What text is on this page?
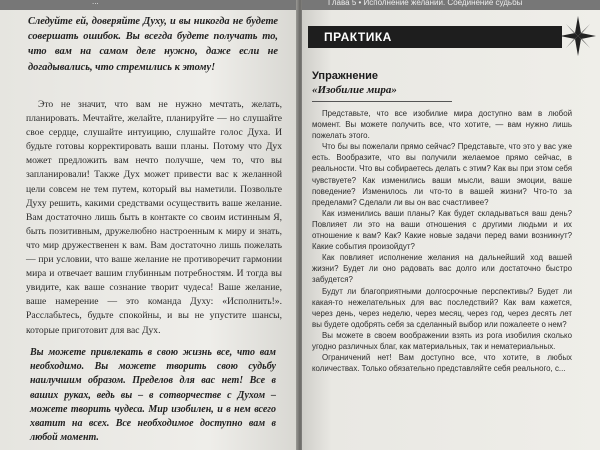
...
Следуйте ей, доверяйте Духу, и вы никогда не будете совершать ошибок. Вы всегда будете получать то, что вам на самом деле нужно, даже если не догадывались, что стремились к этому!
Это не значит, что вам не нужно мечтать, желать, планировать. Мечтайте, желайте, планируйте — но слушайте свое сердце, слушайте интуицию, слушайте голос Духа. И будьте готовы корректировать ваши планы. Потому что Дух может предложить вам нечто получше, чем то, что вы запланировали! Также Дух может привести вас к желанной цели совсем не тем путем, который вы наметили. Позвольте Духу решить, какими средствами осуществить ваше желание. Вам достаточно лишь быть в контакте со своим истинным Я, быть позитивным, дружелюбно настроенным к миру и знать, что мир дружественен к вам. Вам достаточно лишь пожелать — при условии, что ваше желание не противоречит гармонии мира и отвечает вашим глубинным потребностям. И тогда вы увидите, как ваше сознание творит чудеса! Ваше желание, ваше намерение — это команда Духу: «Исполнить!». Расслабьтесь, будьте спокойны, и вы не упустите шансы, которые приготовит для вас Дух.
Вы можете привлекать в свою жизнь все, что вам необходимо. Вы можете творить свою судьбу наилучшим образом. Пределов для вас нет! Все в ваших руках, ведь вы – в сотворчестве с Духом – можете творить чудеса. Мир изобилен, и в нем всего хватит на всех. Все необходимое доступно вам в любой момент.
Глава 5 • Исполнение желаний. Соединение судьбы
ПРАКТИКА
Упражнение
«Изобилие мира»

Представьте, что все изобилие мира доступно вам в любой момент. Вы можете получить все, что хотите, — вам нужно лишь пожелать этого.

Что бы вы пожелали прямо сейчас? Представьте, что это у вас уже есть. Вообразите, что вы получили желаемое прямо сейчас, в реальности. Что вы собираетесь делать с этим? Как вы при этом себя чувствуете? Как изменились ваши мысли, ваши эмоции, ваше поведение? Изменилось ли что-то в вашей жизни? Что-то за пределами? Сделали ли вы он вас счастливее?

Как изменились ваши планы? Как будет складываться ваш день? Повлияет ли это на ваши отношения с другими людьми и их отношение к вам? Как? Какие новые задачи перед вами возникнут? Какие события произойдут?

Как повлияет исполнение желания на дальнейший ход вашей жизни? Будет ли оно радовать вас долго или достаточно быстро забудется?

Будут ли благоприятными долгосрочные перспективы? Будет ли какая-то нежелательных для вас последствий? Как вам кажется, через день, через неделю, через месяц, через год, через десять лет вы будете одобрять себя за сделанный выбор или пожалеете о нем?

Вы можете в своем воображении взять из рога изобилия сколько угодно различных благ, как материальных, так и нематериальных.

Ограничений нет! Вам доступно все, что хотите, в любых количествах. Только обязательно представляйте себя реального, с...
